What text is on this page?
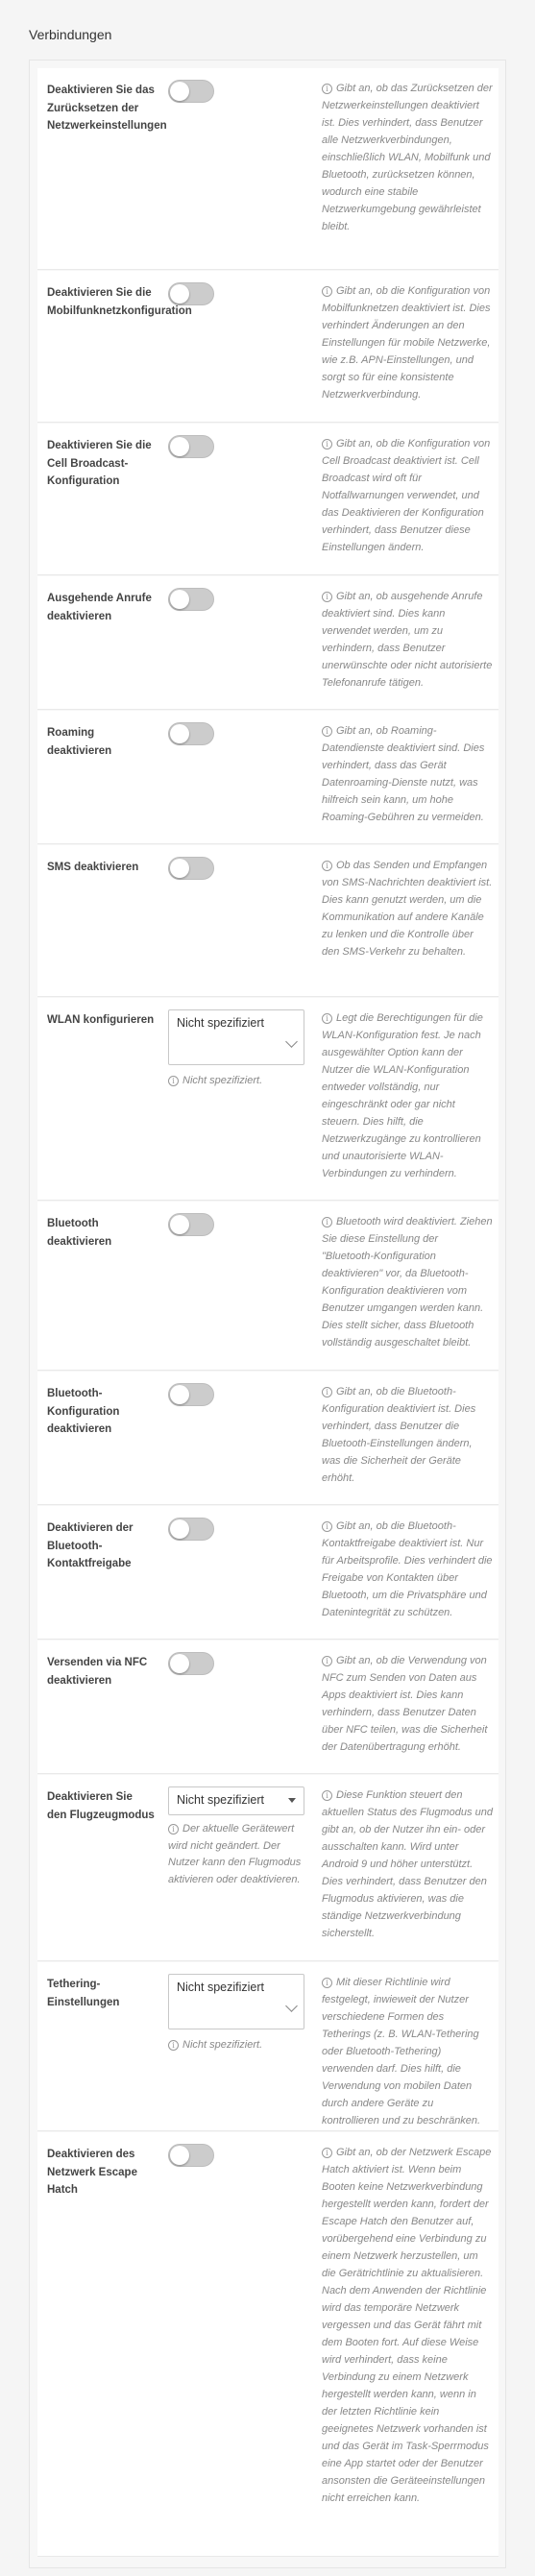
Verbindungen
Deaktivieren Sie das Zurücksetzen der Netzwerkeinstellungen
i Gibt an, ob das Zurücksetzen der Netzwerkeinstellungen deaktiviert ist. Dies verhindert, dass Benutzer alle Netzwerkverbindungen, einschließlich WLAN, Mobilfunk und Bluetooth, zurücksetzen können, wodurch eine stabile Netzwerkumgebung gewährleistet bleibt.
Deaktivieren Sie die Mobilfunknetzkonfiguration
i Gibt an, ob die Konfiguration von Mobilfunknetzen deaktiviert ist. Dies verhindert Änderungen an den Einstellungen für mobile Netzwerke, wie z.B. APN-Einstellungen, und sorgt so für eine konsistente Netzwerkverbindung.
Deaktivieren Sie die Cell Broadcast-Konfiguration
i Gibt an, ob die Konfiguration von Cell Broadcast deaktiviert ist. Cell Broadcast wird oft für Notfallwarnungen verwendet, und das Deaktivieren der Konfiguration verhindert, dass Benutzer diese Einstellungen ändern.
Ausgehende Anrufe deaktivieren
i Gibt an, ob ausgehende Anrufe deaktiviert sind. Dies kann verwendet werden, um zu verhindern, dass Benutzer unerwünschte oder nicht autorisierte Telefonanrufe tätigen.
Roaming deaktivieren
i Gibt an, ob Roaming-Datendienste deaktiviert sind. Dies verhindert, dass das Gerät Datenroaming-Dienste nutzt, was hilfreich sein kann, um hohe Roaming-Gebühren zu vermeiden.
SMS deaktivieren	i Ob das Senden und Empfangen von SMS-Nachrichten deaktiviert ist. Dies kann genutzt werden, um die Kommunikation auf andere Kanäle zu lenken und die Kontrolle über den SMS-Verkehr zu behalten.
WLAN konfigurieren Nicht spezifiziert
i Nicht spezifiziert.
i Legt die Berechtigungen für die WLAN-Konfiguration fest. Je nach ausgewählter Option kann der Nutzer die WLAN-Konfiguration entweder vollständig, nur eingeschränkt oder gar nicht steuern. Dies hilft, die Netzwerkzugänge zu kontrollieren und unautorisierte WLAN-Verbindungen zu verhindern.
Bluetooth deaktivieren
i Bluetooth wird deaktiviert. Ziehen Sie diese Einstellung der "Bluetooth-Konfiguration deaktivieren" vor, da Bluetooth-Konfiguration deaktivieren vom Benutzer umgangen werden kann. Dies stellt sicher, dass Bluetooth vollständig ausgeschaltet bleibt.
Bluetooth-Konfiguration deaktivieren
i Gibt an, ob die Bluetooth-Konfiguration deaktiviert ist. Dies verhindert, dass Benutzer die Bluetooth-Einstellungen ändern, was die Sicherheit der Geräte erhöht.
Deaktivieren der Bluetooth-Kontaktfreigabe
i Gibt an, ob die Bluetooth-Kontaktfreigabe deaktiviert ist. Nur für Arbeitsprofile. Dies verhindert die Freigabe von Kontakten über Bluetooth, um die Privatsphäre und Datenintegrität zu schützen.
Versenden via NFC deaktivieren
i Gibt an, ob die Verwendung von NFC zum Senden von Daten aus Apps deaktiviert ist. Dies kann verhindern, dass Benutzer Daten über NFC teilen, was die Sicherheit der Datenübertragung erhöht.
Deaktivieren Sie den Flugzeugmodus
Nicht spezifiziert
i Der aktuelle Gerätewert wird nicht geändert. Der Nutzer kann den Flugmodus aktivieren oder deaktivieren.
i Diese Funktion steuert den aktuellen Status des Flugmodus und gibt an, ob der Nutzer ihn ein- oder ausschalten kann. Wird unter Android 9 und höher unterstützt. Dies verhindert, dass Benutzer den Flugmodus aktivieren, was die ständige Netzwerkverbindung sicherstellt.
Tethering-Einstellungen
Nicht spezifiziert
i Nicht spezifiziert.
i Mit dieser Richtlinie wird festgelegt, inwieweit der Nutzer verschiedene Formen des Tetherings (z. B. WLAN-Tethering oder Bluetooth-Tethering) verwenden darf. Dies hilft, die Verwendung von mobilen Daten durch andere Geräte zu kontrollieren und zu beschränken.
Deaktivieren des Netzwerk Escape Hatch
i Gibt an, ob der Netzwerk Escape Hatch aktiviert ist. Wenn beim Booten keine Netzwerkverbindung hergestellt werden kann, fordert der Escape Hatch den Benutzer auf, vorübergehend eine Verbindung zu einem Netzwerk herzustellen, um die Gerätrichtlinie zu aktualisieren. Nach dem Anwenden der Richtlinie wird das temporäre Netzwerk vergessen und das Gerät fährt mit dem Booten fort. Auf diese Weise wird verhindert, dass keine Verbindung zu einem Netzwerk hergestellt werden kann, wenn in der letzten Richtlinie kein geeignetes Netzwerk vorhanden ist und das Gerät im Task-Sperrmodus eine App startet oder der Benutzer ansonsten die Geräteeinstellungen nicht erreichen kann.
